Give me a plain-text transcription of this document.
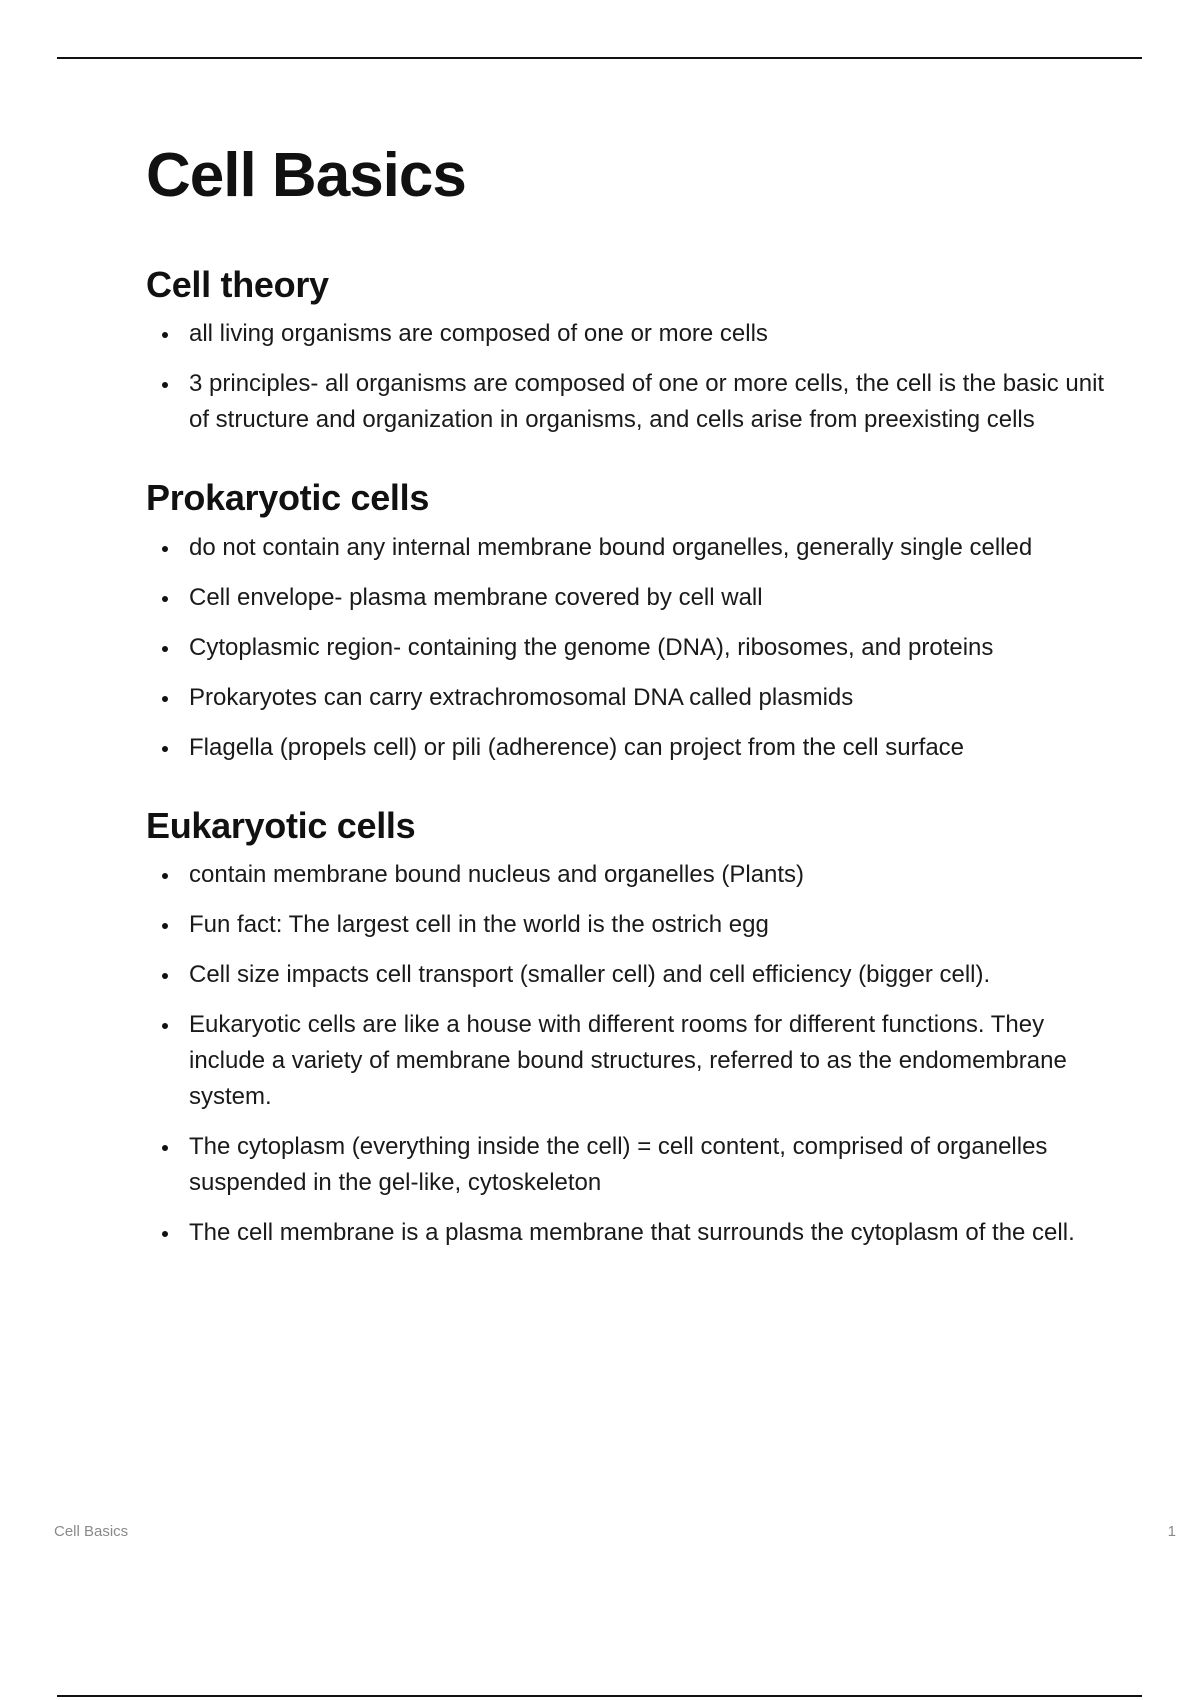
Cell Basics
Cell theory
all living organisms are composed of one or more cells
3 principles- all organisms are composed of one or more cells, the cell is the basic unit of structure and organization in organisms, and cells arise from preexisting cells
Prokaryotic cells
do not contain any internal membrane bound organelles, generally single celled
Cell envelope- plasma membrane covered by cell wall
Cytoplasmic region- containing the genome (DNA), ribosomes, and proteins
Prokaryotes can carry extrachromosomal DNA called plasmids
Flagella (propels cell) or pili (adherence) can project from the cell surface
Eukaryotic cells
contain membrane bound nucleus and organelles (Plants)
Fun fact: The largest cell in the world is the ostrich egg
Cell size impacts cell transport (smaller cell) and cell efficiency (bigger cell).
Eukaryotic cells are like a house with different rooms for different functions. They include a variety of membrane bound structures, referred to as the endomembrane system.
The cytoplasm (everything inside the cell) = cell content, comprised of organelles suspended in the gel-like, cytoskeleton
The cell membrane is a plasma membrane that surrounds the cytoplasm of the cell.
Cell Basics	1
